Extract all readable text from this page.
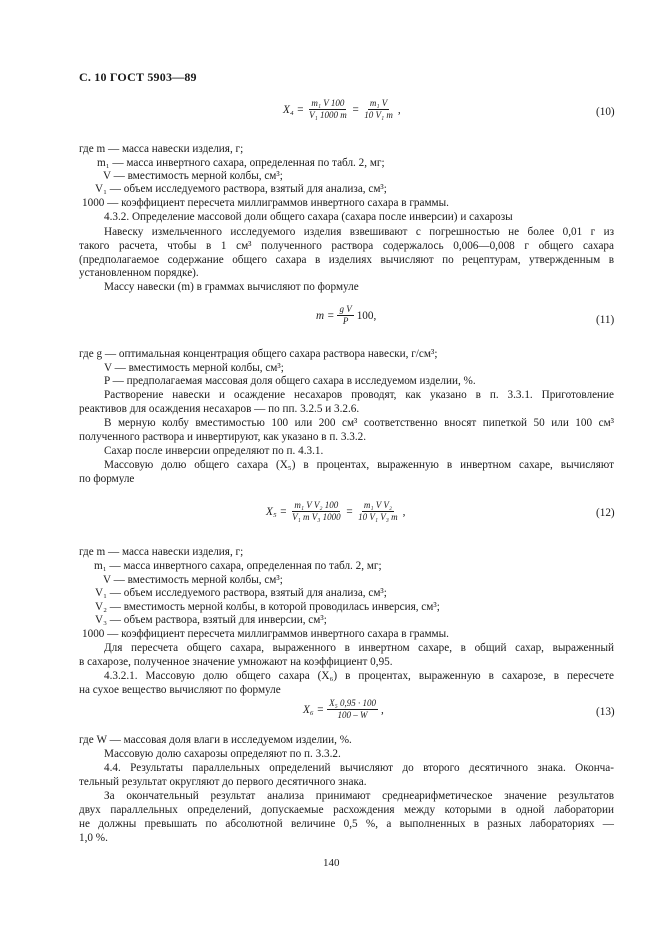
С. 10 ГОСТ 5903—89
$X_4 = \frac{\text{m₁ V 100}}{\text{V₁ 1000 m}} = \frac{\text{m₁ V}}{\text{10 V₁ m}}$ ,	(10)
где m — масса навески изделия, г;
m₁ — масса инвертного сахара, определенная по табл. 2, мг;
V — вместимость мерной колбы, см³;
V₁ — объем исследуемого раствора, взятый для анализа, см³;
1000 — коэффициент пересчета миллиграммов инвертного сахара в граммы.
4.3.2. Определение массовой доли общего сахара (сахара после инверсии) и сахарозы
Навеску измельченного исследуемого изделия взвешивают с погрешностью не более 0,01 г из
такого расчета, чтобы в 1 см³ полученного раствора содержалось 0,006—0,008 г общего сахара
(предполагаемое содержание общего сахара в изделиях вычисляют по рецептурам, утвержденным в
установленном порядке).
Массу навески (m) в граммах вычисляют по формуле
$m = \frac{\text{g V}}{P} 100$,	(11)
где g — оптимальная концентрация общего сахара раствора навески, г/см³;
V — вместимость мерной колбы, см³;
P — предполагаемая массовая доля общего сахара в исследуемом изделии, %.
Растворение навески и осаждение несахаров проводят, как указано в п. 3.3.1. Приготовление
реактивов для осаждения несахаров — по пп. 3.2.5 и 3.2.6.
В мерную колбу вместимостью 100 или 200 см³ соответственно вносят пипеткой 50 или 100 см³
полученного раствора и инвертируют, как указано в п. 3.3.2.
Сахар после инверсии определяют по п. 4.3.1.
Массовую долю общего сахара (X₅) в процентах, выраженную в инвертном сахаре, вычисляют
по формуле
$X_5 = \frac{\text{m₁ V V₂ 100}}{\text{V₁ m V₃ 1000}} = \frac{\text{m₁ V V₂}}{\text{10 V₁ V₃ m}}$ ,	(12)
где m — масса навески изделия, г;
m₁ — масса инвертного сахара, определенная по табл. 2, мг;
V — вместимость мерной колбы, см³;
V₁ — объем исследуемого раствора, взятый для анализа, см³;
V₂ — вместимость мерной колбы, в которой проводилась инверсия, см³;
V₃ — объем раствора, взятый для инверсии, см³;
1000 — коэффициент пересчета миллиграммов инвертного сахара в граммы.
Для пересчета общего сахара, выраженного в инвертном сахаре, в общий сахар, выраженный
в сахарозе, полученное значение умножают на коэффициент 0,95.
4.3.2.1. Массовую долю общего сахара (X₆) в процентах, выраженную в сахарозе, в пересчете
на сухое вещество вычисляют по формуле
$X_6 = \frac{\text{X₅ 0,95 · 100}}{100 - W}$ ,	(13)
где W — массовая доля влаги в исследуемом изделии, %.
Массовую долю сахарозы определяют по п. 3.3.2.
4.4. Результаты параллельных определений вычисляют до второго десятичного знака. Оконча-
тельный результат округляют до первого десятичного знака.
За окончательный результат анализа принимают среднеарифметическое значение результатов
двух параллельных определений, допускаемые расхождения между которыми в одной лаборатории
не должны превышать по абсолютной величине 0,5 %, а выполненных в разных лабораториях —
1,0 %.
140
